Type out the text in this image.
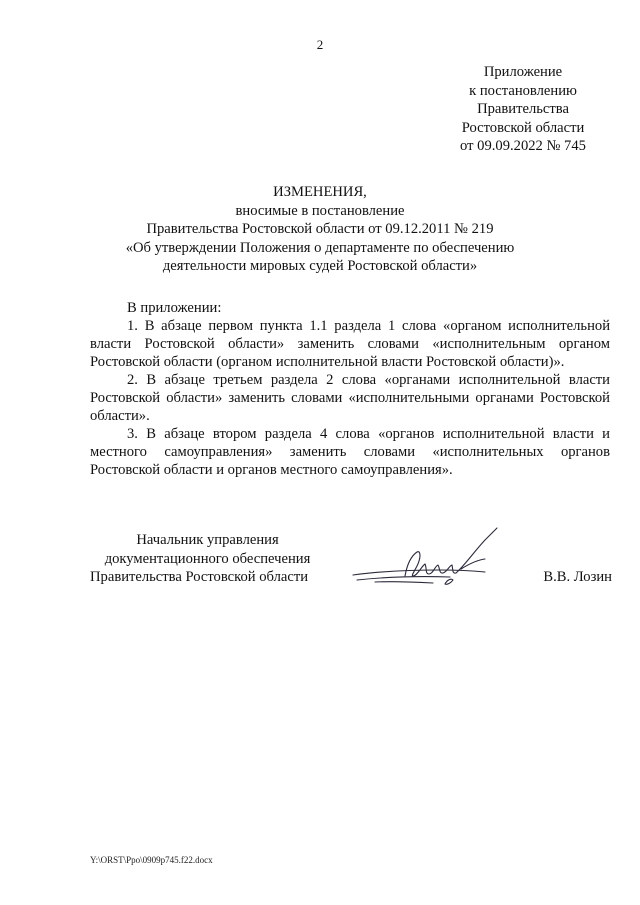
2
Приложение
к постановлению
Правительства
Ростовской области
от 09.09.2022 № 745
ИЗМЕНЕНИЯ,
вносимые в постановление
Правительства Ростовской области от 09.12.2011 № 219
«Об утверждении Положения о департаменте по обеспечению
деятельности мировых судей Ростовской области»

В приложении:

1. В абзаце первом пункта 1.1 раздела 1 слова «органом исполнительной власти Ростовской области» заменить словами «исполнительным органом Ростовской области (органом исполнительной власти Ростовской области)».

2. В абзаце третьем раздела 2 слова «органами исполнительной власти Ростовской области» заменить словами «исполнительными органами Ростовской области».

3. В абзаце втором раздела 4 слова «органов исполнительной власти и местного самоуправления» заменить словами «исполнительных органов Ростовской области и органов местного самоуправления».

Начальник управления
документационного обеспечения
Правительства Ростовской области	В.В. Лозин
Y:\ORST\Ppo\0909p745.f22.docx
